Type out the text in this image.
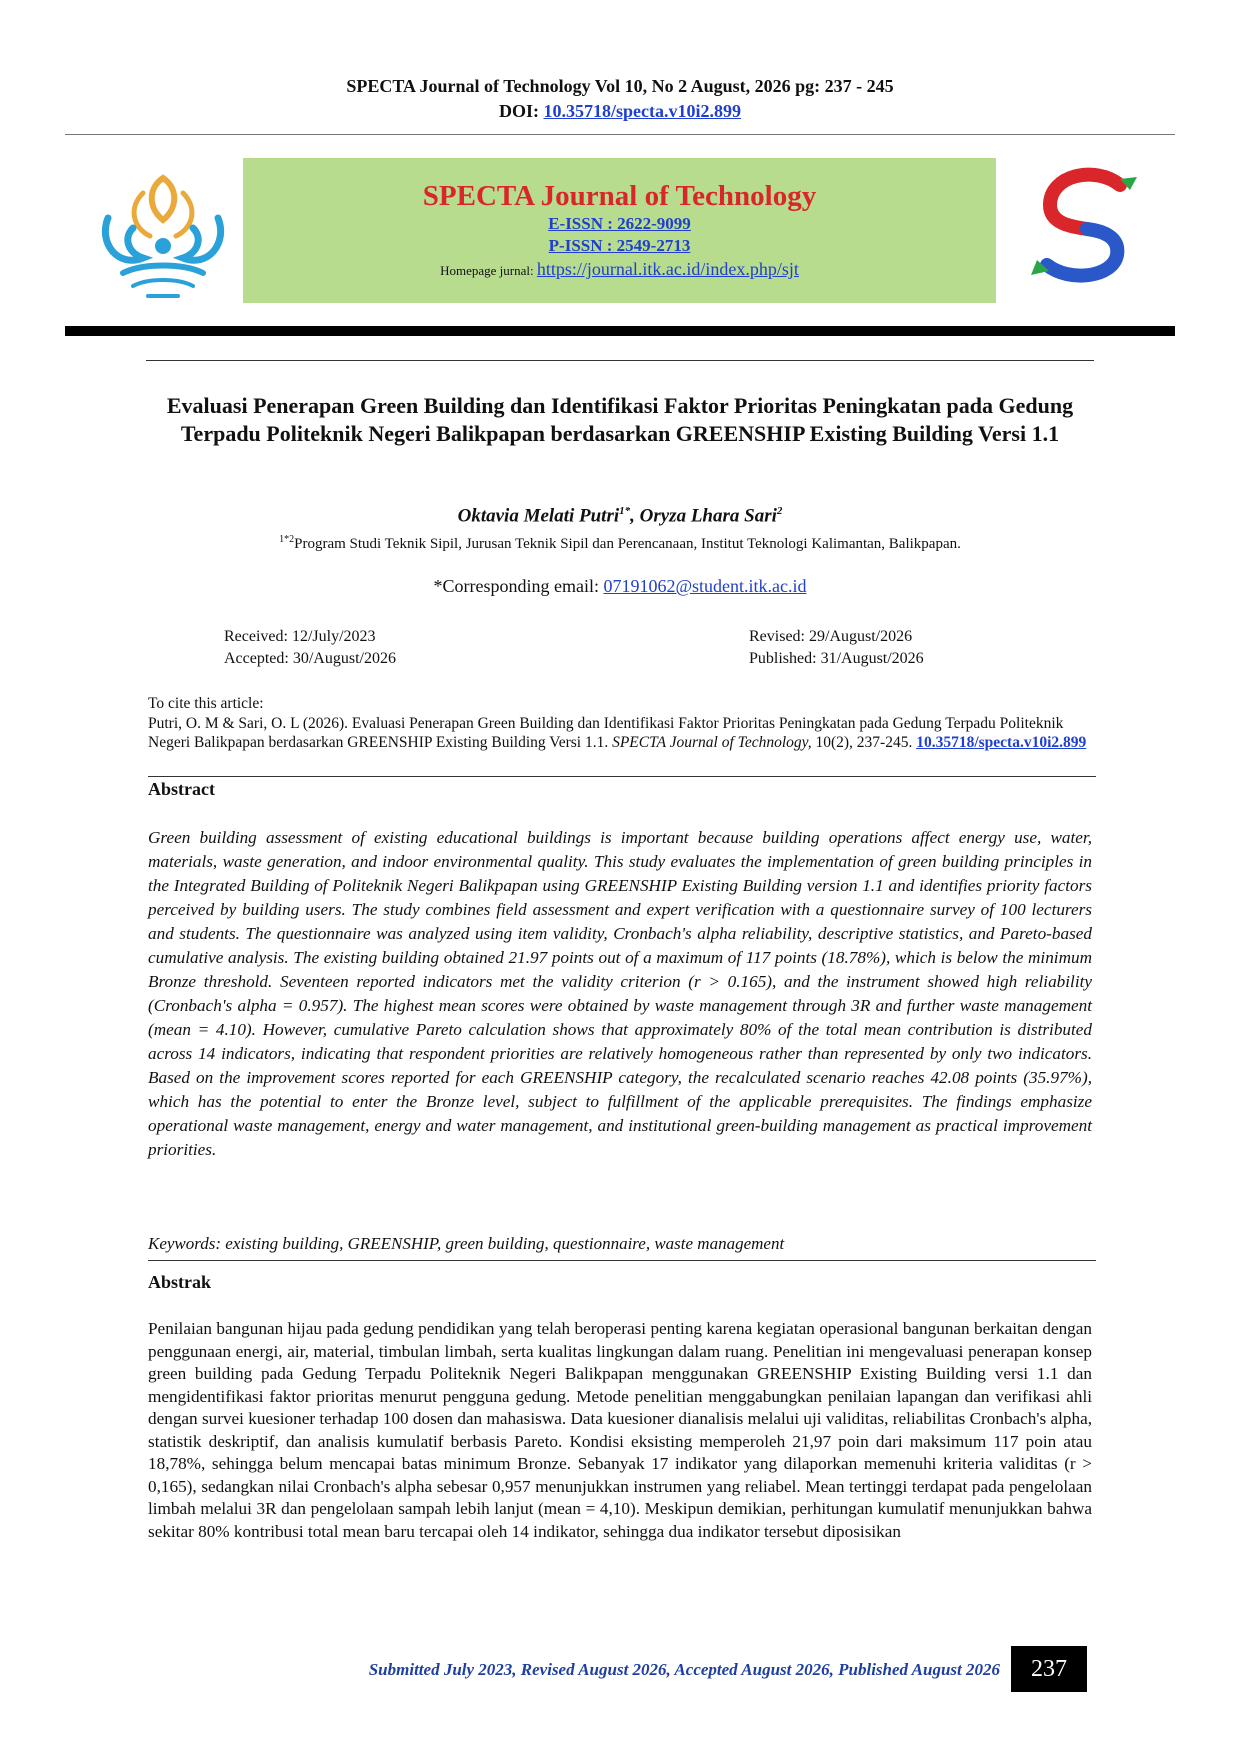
SPECTA Journal of Technology Vol 10, No 2 August, 2026 pg: 237 - 245
DOI: 10.35718/specta.v10i2.899
SPECTA Journal of Technology
E-ISSN : 2622-9099
P-ISSN : 2549-2713
Homepage jurnal: https://journal.itk.ac.id/index.php/sjt
Evaluasi Penerapan Green Building dan Identifikasi Faktor Prioritas Peningkatan pada Gedung Terpadu Politeknik Negeri Balikpapan berdasarkan GREENSHIP Existing Building Versi 1.1
Oktavia Melati Putri$^{1*}$, Oryza Lhara Sari$^2$
$^{1*2}$Program Studi Teknik Sipil, Jurusan Teknik Sipil dan Perencanaan, Institut Teknologi Kalimantan, Balikpapan.
*Corresponding email: 07191062@student.itk.ac.id
Received: 12/July/2023
Accepted: 30/August/2026
Revised: 29/August/2026
Published: 31/August/2026
To cite this article:
Putri, O. M & Sari, O. L (2026). Evaluasi Penerapan Green Building dan Identifikasi Faktor Prioritas Peningkatan pada Gedung Terpadu Politeknik Negeri Balikpapan berdasarkan GREENSHIP Existing Building Versi 1.1. SPECTA Journal of Technology, 10(2), 237-245. 10.35718/specta.v10i2.899
Abstract
Green building assessment of existing educational buildings is important because building operations affect energy use, water, materials, waste generation, and indoor environmental quality. This study evaluates the implementation of green building principles in the Integrated Building of Politeknik Negeri Balikpapan using GREENSHIP Existing Building version 1.1 and identifies priority factors perceived by building users. The study combines field assessment and expert verification with a questionnaire survey of 100 lecturers and students. The questionnaire was analyzed using item validity, Cronbach's alpha reliability, descriptive statistics, and Pareto-based cumulative analysis. The existing building obtained 21.97 points out of a maximum of 117 points (18.78%), which is below the minimum Bronze threshold. Seventeen reported indicators met the validity criterion (r > 0.165), and the instrument showed high reliability (Cronbach's alpha = 0.957). The highest mean scores were obtained by waste management through 3R and further waste management (mean = 4.10). However, cumulative Pareto calculation shows that approximately 80% of the total mean contribution is distributed across 14 indicators, indicating that respondent priorities are relatively homogeneous rather than represented by only two indicators. Based on the improvement scores reported for each GREENSHIP category, the recalculated scenario reaches 42.08 points (35.97%), which has the potential to enter the Bronze level, subject to fulfillment of the applicable prerequisites. The findings emphasize operational waste management, energy and water management, and institutional green-building management as practical improvement priorities.
Keywords: existing building, GREENSHIP, green building, questionnaire, waste management
Abstrak
Penilaian bangunan hijau pada gedung pendidikan yang telah beroperasi penting karena kegiatan operasional bangunan berkaitan dengan penggunaan energi, air, material, timbulan limbah, serta kualitas lingkungan dalam ruang. Penelitian ini mengevaluasi penerapan konsep green building pada Gedung Terpadu Politeknik Negeri Balikpapan menggunakan GREENSHIP Existing Building versi 1.1 dan mengidentifikasi faktor prioritas menurut pengguna gedung. Metode penelitian menggabungkan penilaian lapangan dan verifikasi ahli dengan survei kuesioner terhadap 100 dosen dan mahasiswa. Data kuesioner dianalisis melalui uji validitas, reliabilitas Cronbach's alpha, statistik deskriptif, dan analisis kumulatif berbasis Pareto. Kondisi eksisting memperoleh 21,97 poin dari maksimum 117 poin atau 18,78%, sehingga belum mencapai batas minimum Bronze. Sebanyak 17 indikator yang dilaporkan memenuhi kriteria validitas (r > 0,165), sedangkan nilai Cronbach's alpha sebesar 0,957 menunjukkan instrumen yang reliabel. Mean tertinggi terdapat pada pengelolaan limbah melalui 3R dan pengelolaan sampah lebih lanjut (mean = 4,10). Meskipun demikian, perhitungan kumulatif menunjukkan bahwa sekitar 80% kontribusi total mean baru tercapai oleh 14 indikator, sehingga dua indikator tersebut diposisikan
Submitted July 2023, Revised August 2026, Accepted August 2026, Published August 2026	237
